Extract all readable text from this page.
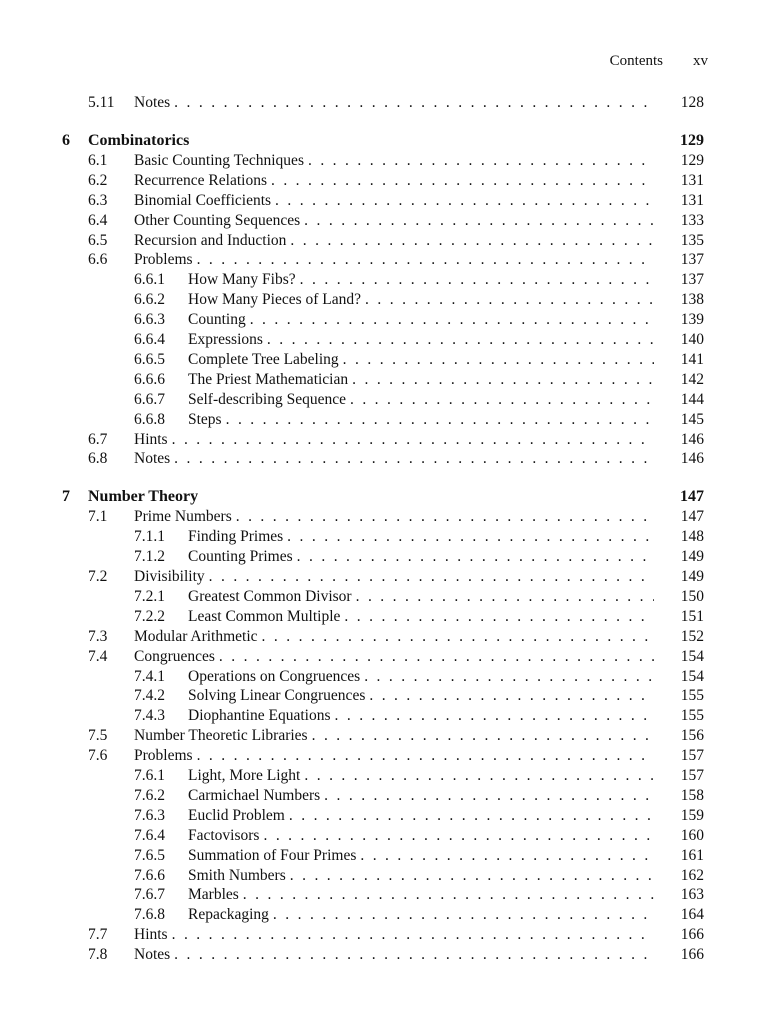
Contents xv
5.11 Notes . . .	128
6 Combinatorics	129
6.1 Basic Counting Techniques . . .	129
6.2 Recurrence Relations . . .	131
6.3 Binomial Coefficients . . .	131
6.4 Other Counting Sequences . . .	133
6.5 Recursion and Induction . . .	135
6.6 Problems . . .	137
6.6.1 How Many Fibs? . . .	137
6.6.2 How Many Pieces of Land? . . .	138
6.6.3 Counting . . .	139
6.6.4 Expressions . . .	140
6.6.5 Complete Tree Labeling . . .	141
6.6.6 The Priest Mathematician . . .	142
6.6.7 Self-describing Sequence . . .	144
6.6.8 Steps . . .	145
6.7 Hints . . .	146
6.8 Notes . . .	146
7 Number Theory	147
7.1 Prime Numbers . . .	147
7.1.1 Finding Primes . . .	148
7.1.2 Counting Primes . . .	149
7.2 Divisibility . . .	149
7.2.1 Greatest Common Divisor . . .	150
7.2.2 Least Common Multiple . . .	151
7.3 Modular Arithmetic . . .	152
7.4 Congruences . . .	154
7.4.1 Operations on Congruences . . .	154
7.4.2 Solving Linear Congruences . . .	155
7.4.3 Diophantine Equations . . .	155
7.5 Number Theoretic Libraries . . .	156
7.6 Problems . . .	157
7.6.1 Light, More Light . . .	157
7.6.2 Carmichael Numbers . . .	158
7.6.3 Euclid Problem . . .	159
7.6.4 Factovisors . . .	160
7.6.5 Summation of Four Primes . . .	161
7.6.6 Smith Numbers . . .	162
7.6.7 Marbles . . .	163
7.6.8 Repackaging . . .	164
7.7 Hints . . .	166
7.8 Notes . . .	166
